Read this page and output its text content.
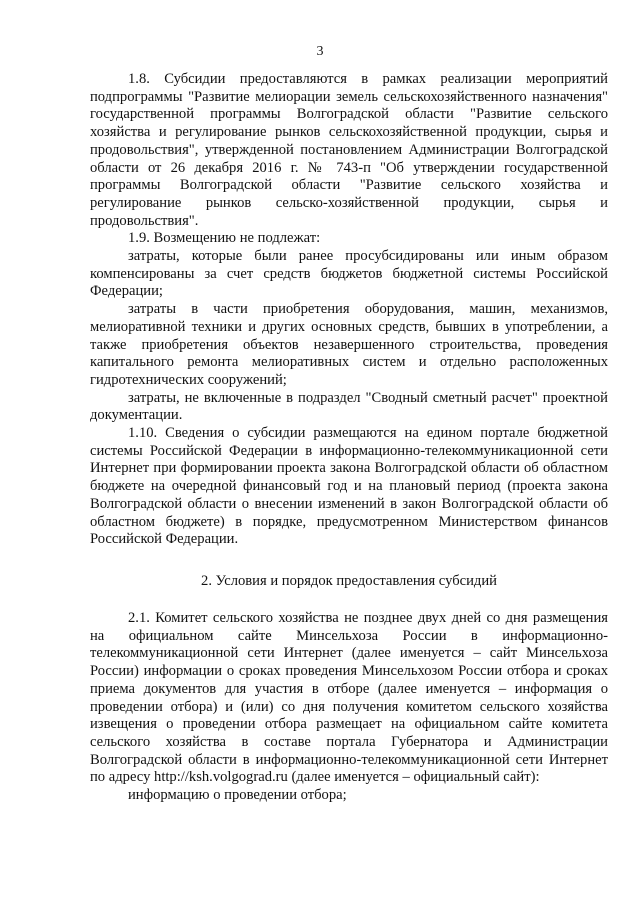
3

1.8. Субсидии предоставляются в рамках реализации мероприятий подпрограммы "Развитие мелиорации земель сельскохозяйственного назначения" государственной программы Волгоградской области "Развитие сельского хозяйства и регулирование рынков сельскохозяйственной продукции, сырья и продовольствия", утвержденной постановлением Администрации Волгоградской области от 26 декабря 2016 г. № 743-п "Об утверждении государственной программы Волгоградской области "Развитие сельского хозяйства и регулирование рынков сельско-хозяйственной продукции, сырья и продовольствия".

1.9. Возмещению не подлежат:

затраты, которые были ранее просубсидированы или иным образом компенсированы за счет средств бюджетов бюджетной системы Российской Федерации;

затраты в части приобретения оборудования, машин, механизмов, мелиоративной техники и других основных средств, бывших в употреблении, а также приобретения объектов незавершенного строительства, проведения капитального ремонта мелиоративных систем и отдельно расположенных гидротехнических сооружений;

затраты, не включенные в подраздел "Сводный сметный расчет" проектной документации.

1.10. Сведения о субсидии размещаются на едином портале бюджетной системы Российской Федерации в информационно-телекоммуникационной сети Интернет при формировании проекта закона Волгоградской области об областном бюджете на очередной финансовый год и на плановый период (проекта закона Волгоградской области о внесении изменений в закон Волгоградской области об областном бюджете) в порядке, предусмотренном Министерством финансов Российской Федерации.

2. Условия и порядок предоставления субсидий

2.1. Комитет сельского хозяйства не позднее двух дней со дня размещения на официальном сайте Минсельхоза России в информационно-телекоммуникационной сети Интернет (далее именуется – сайт Минсельхоза России) информации о сроках проведения Минсельхозом России отбора и сроках приема документов для участия в отборе (далее именуется – информация о проведении отбора) и (или) со дня получения комитетом сельского хозяйства извещения о проведении отбора размещает на официальном сайте комитета сельского хозяйства в составе портала Губернатора и Администрации Волгоградской области в информационно-телекоммуникационной сети Интернет по адресу http://ksh.volgograd.ru (далее именуется – официальный сайт):

информацию о проведении отбора;
